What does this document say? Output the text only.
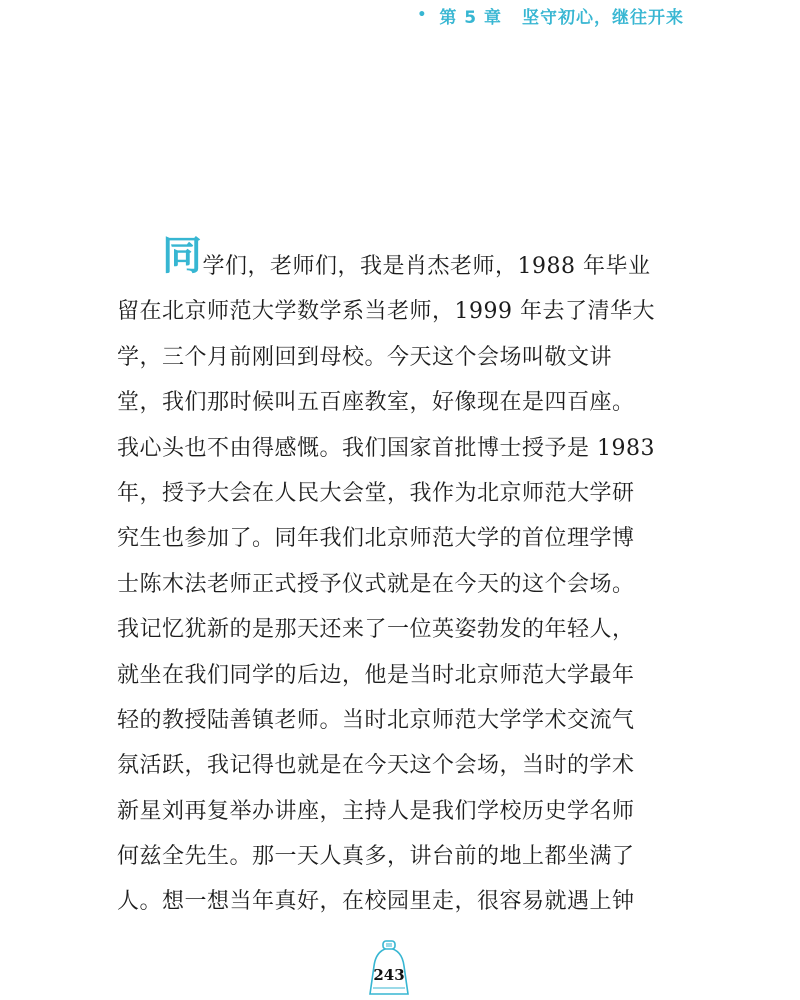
• 第 5 章 坚守初心，继往开来
同学们，老师们，我是肖杰老师，1988 年毕业
留在北京师范大学数学系当老师，1999 年去了清华大
学，三个月前刚回到母校。今天这个会场叫敬文讲
堂，我们那时候叫五百座教室，好像现在是四百座。
我心头也不由得感慨。我们国家首批博士授予是 1983
年，授予大会在人民大会堂，我作为北京师范大学研
究生也参加了。同年我们北京师范大学的首位理学博
士陈木法老师正式授予仪式就是在今天的这个会场。
我记忆犹新的是那天还来了一位英姿勃发的年轻人，
就坐在我们同学的后边，他是当时北京师范大学最年
轻的教授陆善镇老师。当时北京师范大学学术交流气
氛活跃，我记得也就是在今天这个会场，当时的学术
新星刘再复举办讲座，主持人是我们学校历史学名师
何兹全先生。那一天人真多，讲台前的地上都坐满了
人。想一想当年真好，在校园里走，很容易就遇上钟
243
